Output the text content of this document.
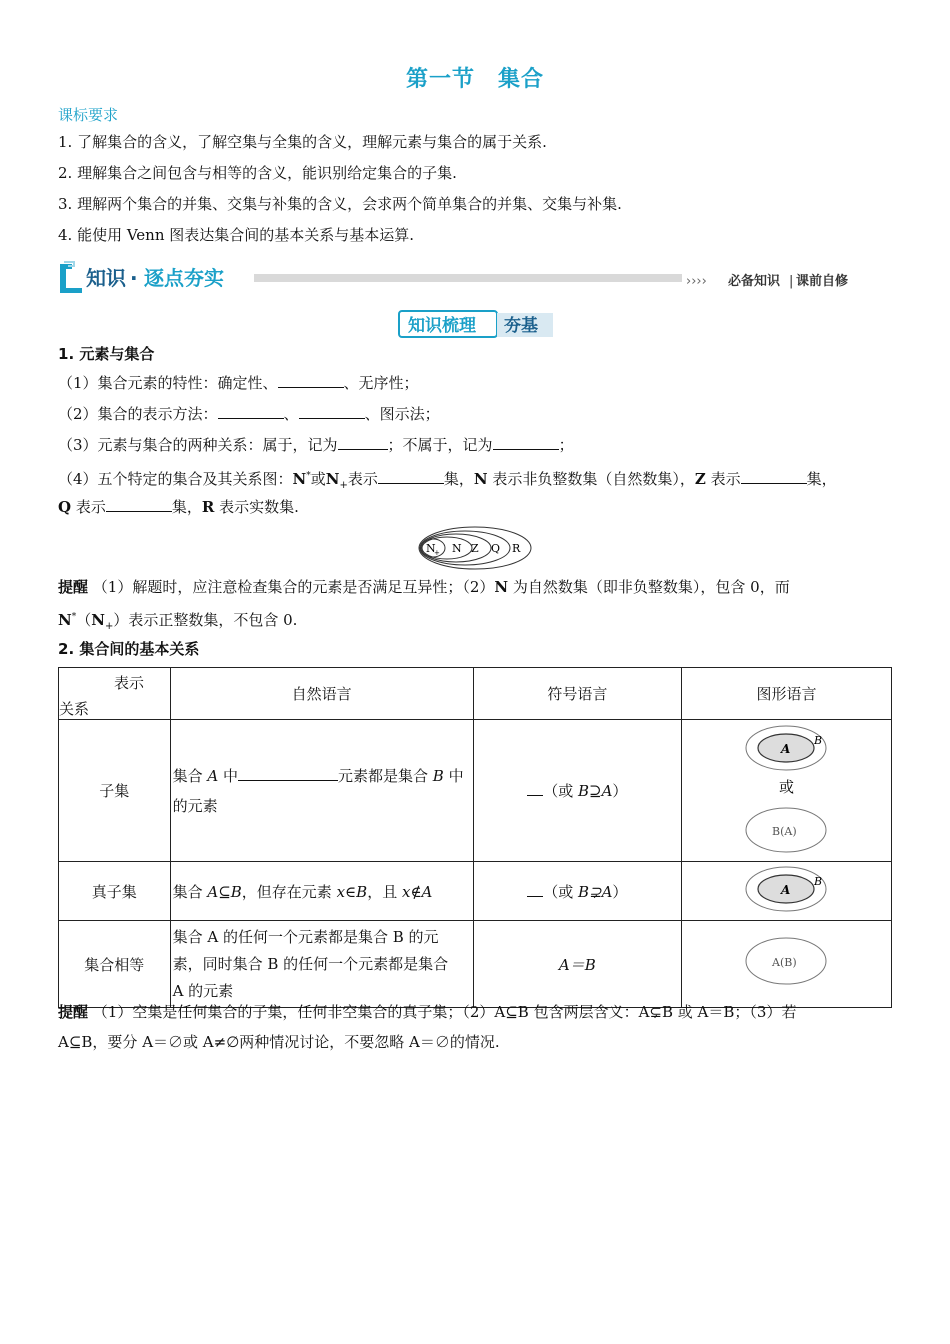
第一节　集合
课标要求
1. 了解集合的含义，了解空集与全集的含义，理解元素与集合的属于关系.
2. 理解集合之间包含与相等的含义，能识别给定集合的子集.
3. 理解两个集合的并集、交集与补集的含义，会求两个简单集合的并集、交集与补集.
4. 能使用 Venn 图表达集合间的基本关系与基本运算.
知识 · 逐点夯实	›››› 必备知识 | 课前自修
知识梳理 夯基
1. 元素与集合
（1）集合元素的特性：确定性、	、无序性；
（2）集合的表示方法：	、	、图示法；
（3）元素与集合的两种关系：属于，记为	；不属于，记为	；
（4）五个特定的集合及其关系图：N*或$N_+$表示	集，N 表示非负整数集（自然数集），Z 表示	集，
Q 表示	集，R 表示实数集.
N
+ N Z Q R
提醒 （1）解题时，应注意检查集合的元素是否满足互异性；（2）N 为自然数集（即非负整数集），包含 0，而
$N^*(N_+)$表示正整数集，不包含 0.
2. 集合间的基本关系
表示
关系	自然语言	符号语言	图形语言
子集	集合 A 中 元素都是集合 B 中的元素	（或 B⊇A）	A
B
或
B(A)

真子集	集合 A⊆B，但存在元素 x∈B，且 x∉A	（或 B⊋A）	A
B

集合相等	集合 A 的任何一个元素都是集合 B 的元
素，同时集合 B 的任何一个元素都是集合
A 的元素	A＝B	A(B)
提醒 （1）空集是任何集合的子集，任何非空集合的真子集；（2）A⊆B 包含两层含义：A⊊B 或 A＝B；（3）若
A⊆B，要分 A＝∅或 A≠∅两种情况讨论，不要忽略 A＝∅的情况.
